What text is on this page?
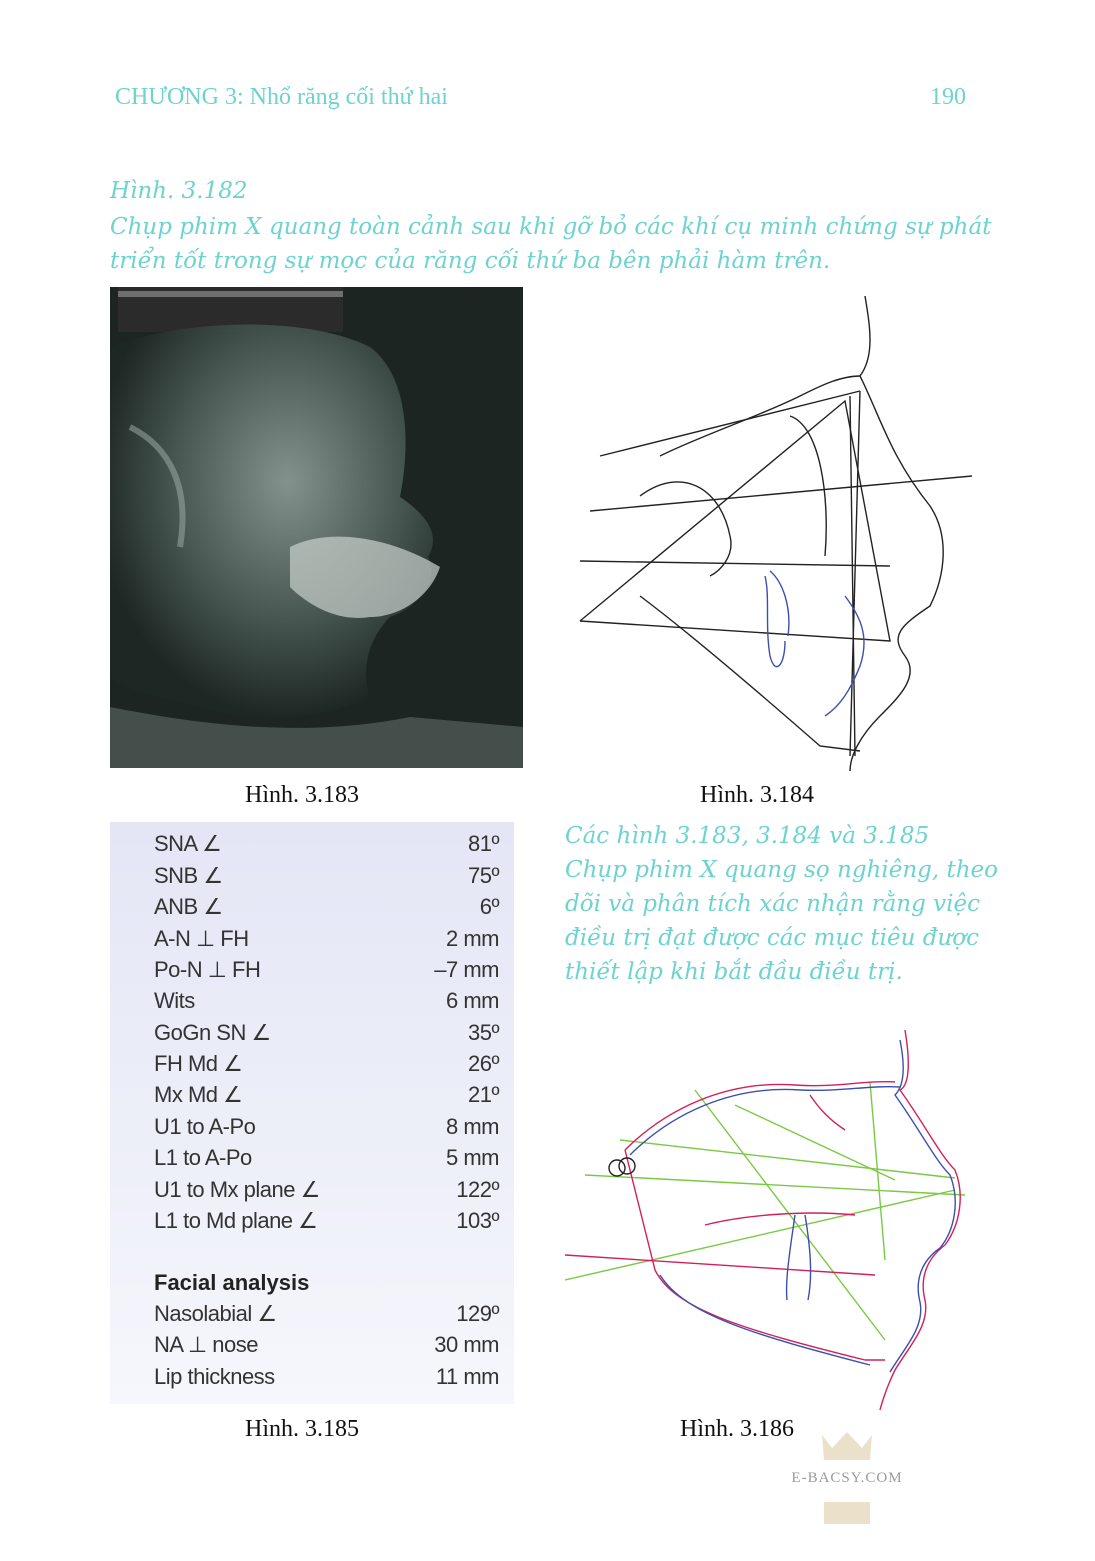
CHƯƠNG 3: Nhổ răng cối thứ hai	190
Hình. 3.182
Chụp phim X quang toàn cảnh sau khi gỡ bỏ các khí cụ minh chứng sự phát
triển tốt trong sự mọc của răng cối thứ ba bên phải hàm trên.
Hình. 3.183	Hình. 3.184
SNA ∠	81º
SNB ∠	75º
ANB ∠	6º
A-N ⊥ FH	2 mm
Po-N ⊥ FH	–7 mm
Wits	6 mm
GoGn SN ∠	35º
FH Md ∠	26º
Mx Md ∠	21º
U1 to A-Po	8 mm
L1 to A-Po	5 mm
U1 to Mx plane ∠	122º
L1 to Md plane ∠	103º
Facial analysis
Nasolabial ∠	129º
NA ⊥ nose	30 mm
Lip thickness	11 mm
Các hình 3.183, 3.184 và 3.185
Chụp phim X quang sọ nghiêng, theo
dõi và phân tích xác nhận rằng việc
điều trị đạt được các mục tiêu được
thiết lập khi bắt đầu điều trị.
Hình. 3.185	Hình. 3.186
E-BACSY.COM
